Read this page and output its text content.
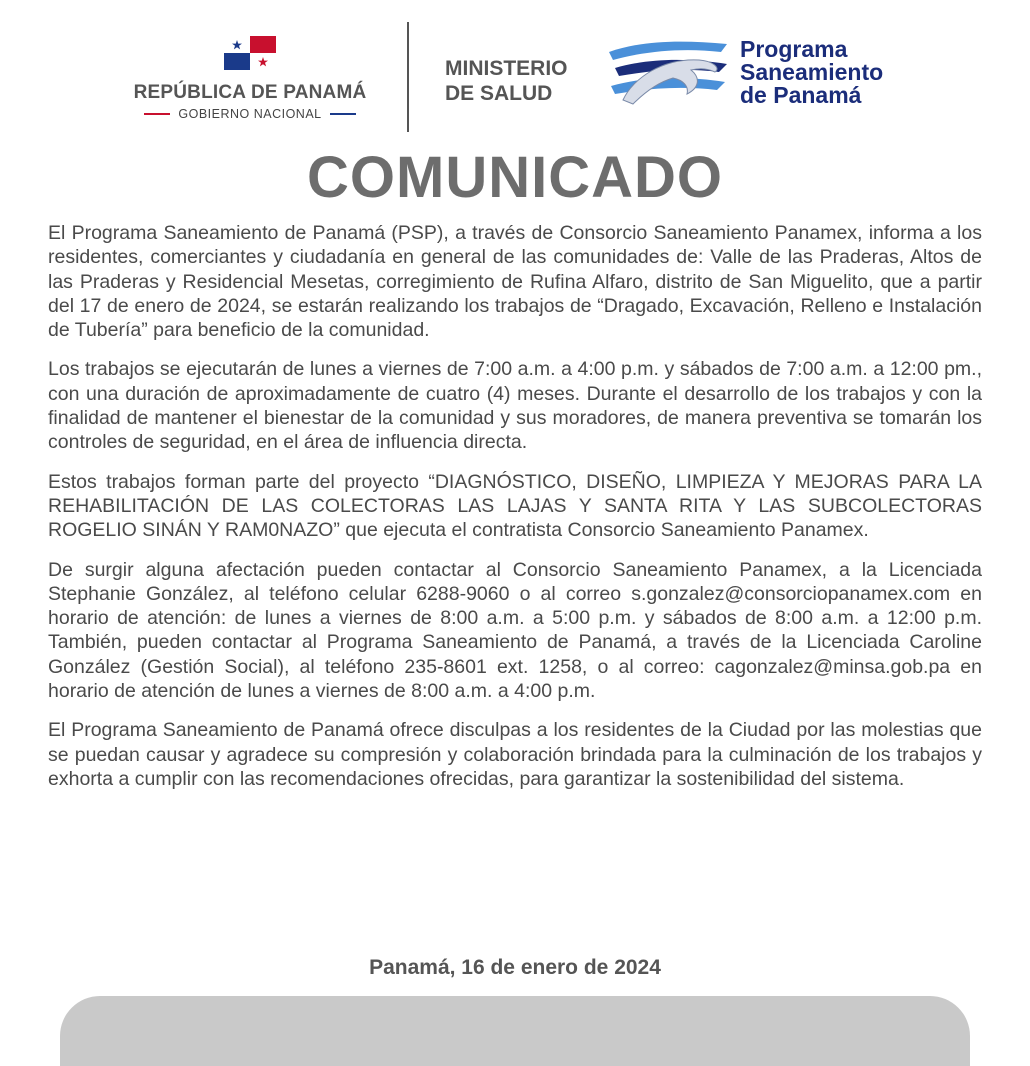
REPÚBLICA DE PANAMÁ
GOBIERNO NACIONAL
MINISTERIO
DE SALUD
Programa
Saneamiento
de Panamá
COMUNICADO

El Programa Saneamiento de Panamá (PSP), a través de Consorcio Saneamiento Panamex, informa a los residentes, comerciantes y ciudadanía en general de las comunidades de: Valle de las Praderas, Altos de las Praderas y Residencial Mesetas, corregimiento de Rufina Alfaro, distrito de San Miguelito, que a partir del 17 de enero de 2024, se estarán realizando los trabajos de “Dragado, Excavación, Relleno e Instalación de Tubería” para beneficio de la comunidad.

Los trabajos se ejecutarán de lunes a viernes de 7:00 a.m. a 4:00 p.m. y sábados de 7:00 a.m. a 12:00 pm., con una duración de aproximadamente de cuatro (4) meses. Durante el desarrollo de los trabajos y con la finalidad de mantener el bienestar de la comunidad y sus moradores, de manera preventiva se tomarán los controles de seguridad, en el área de influencia directa.

Estos trabajos forman parte del proyecto “DIAGNÓSTICO, DISEÑO, LIMPIEZA Y MEJORAS PARA LA REHABILITACIÓN DE LAS COLECTORAS LAS LAJAS Y SANTA RITA Y LAS SUBCOLECTORAS ROGELIO SINÁN Y RAM0NAZO” que ejecuta el contratista Consorcio Saneamiento Panamex.

De surgir alguna afectación pueden contactar al Consorcio Saneamiento Panamex, a la Licenciada Stephanie González, al teléfono celular 6288-9060 o al correo s.gonzalez@consorciopanamex.com en horario de atención: de lunes a viernes de 8:00 a.m. a 5:00 p.m. y sábados de 8:00 a.m. a 12:00 p.m. También, pueden contactar al Programa Saneamiento de Panamá, a través de la Licenciada Caroline González (Gestión Social), al teléfono 235-8601 ext. 1258, o al correo: cagonzalez@minsa.gob.pa en horario de atención de lunes a viernes de 8:00 a.m. a 4:00 p.m.

El Programa Saneamiento de Panamá ofrece disculpas a los residentes de la Ciudad por las molestias que se puedan causar y agradece su compresión y colaboración brindada para la culminación de los trabajos y exhorta a cumplir con las recomendaciones ofrecidas, para garantizar la sostenibilidad del sistema.

Panamá, 16 de enero de 2024
